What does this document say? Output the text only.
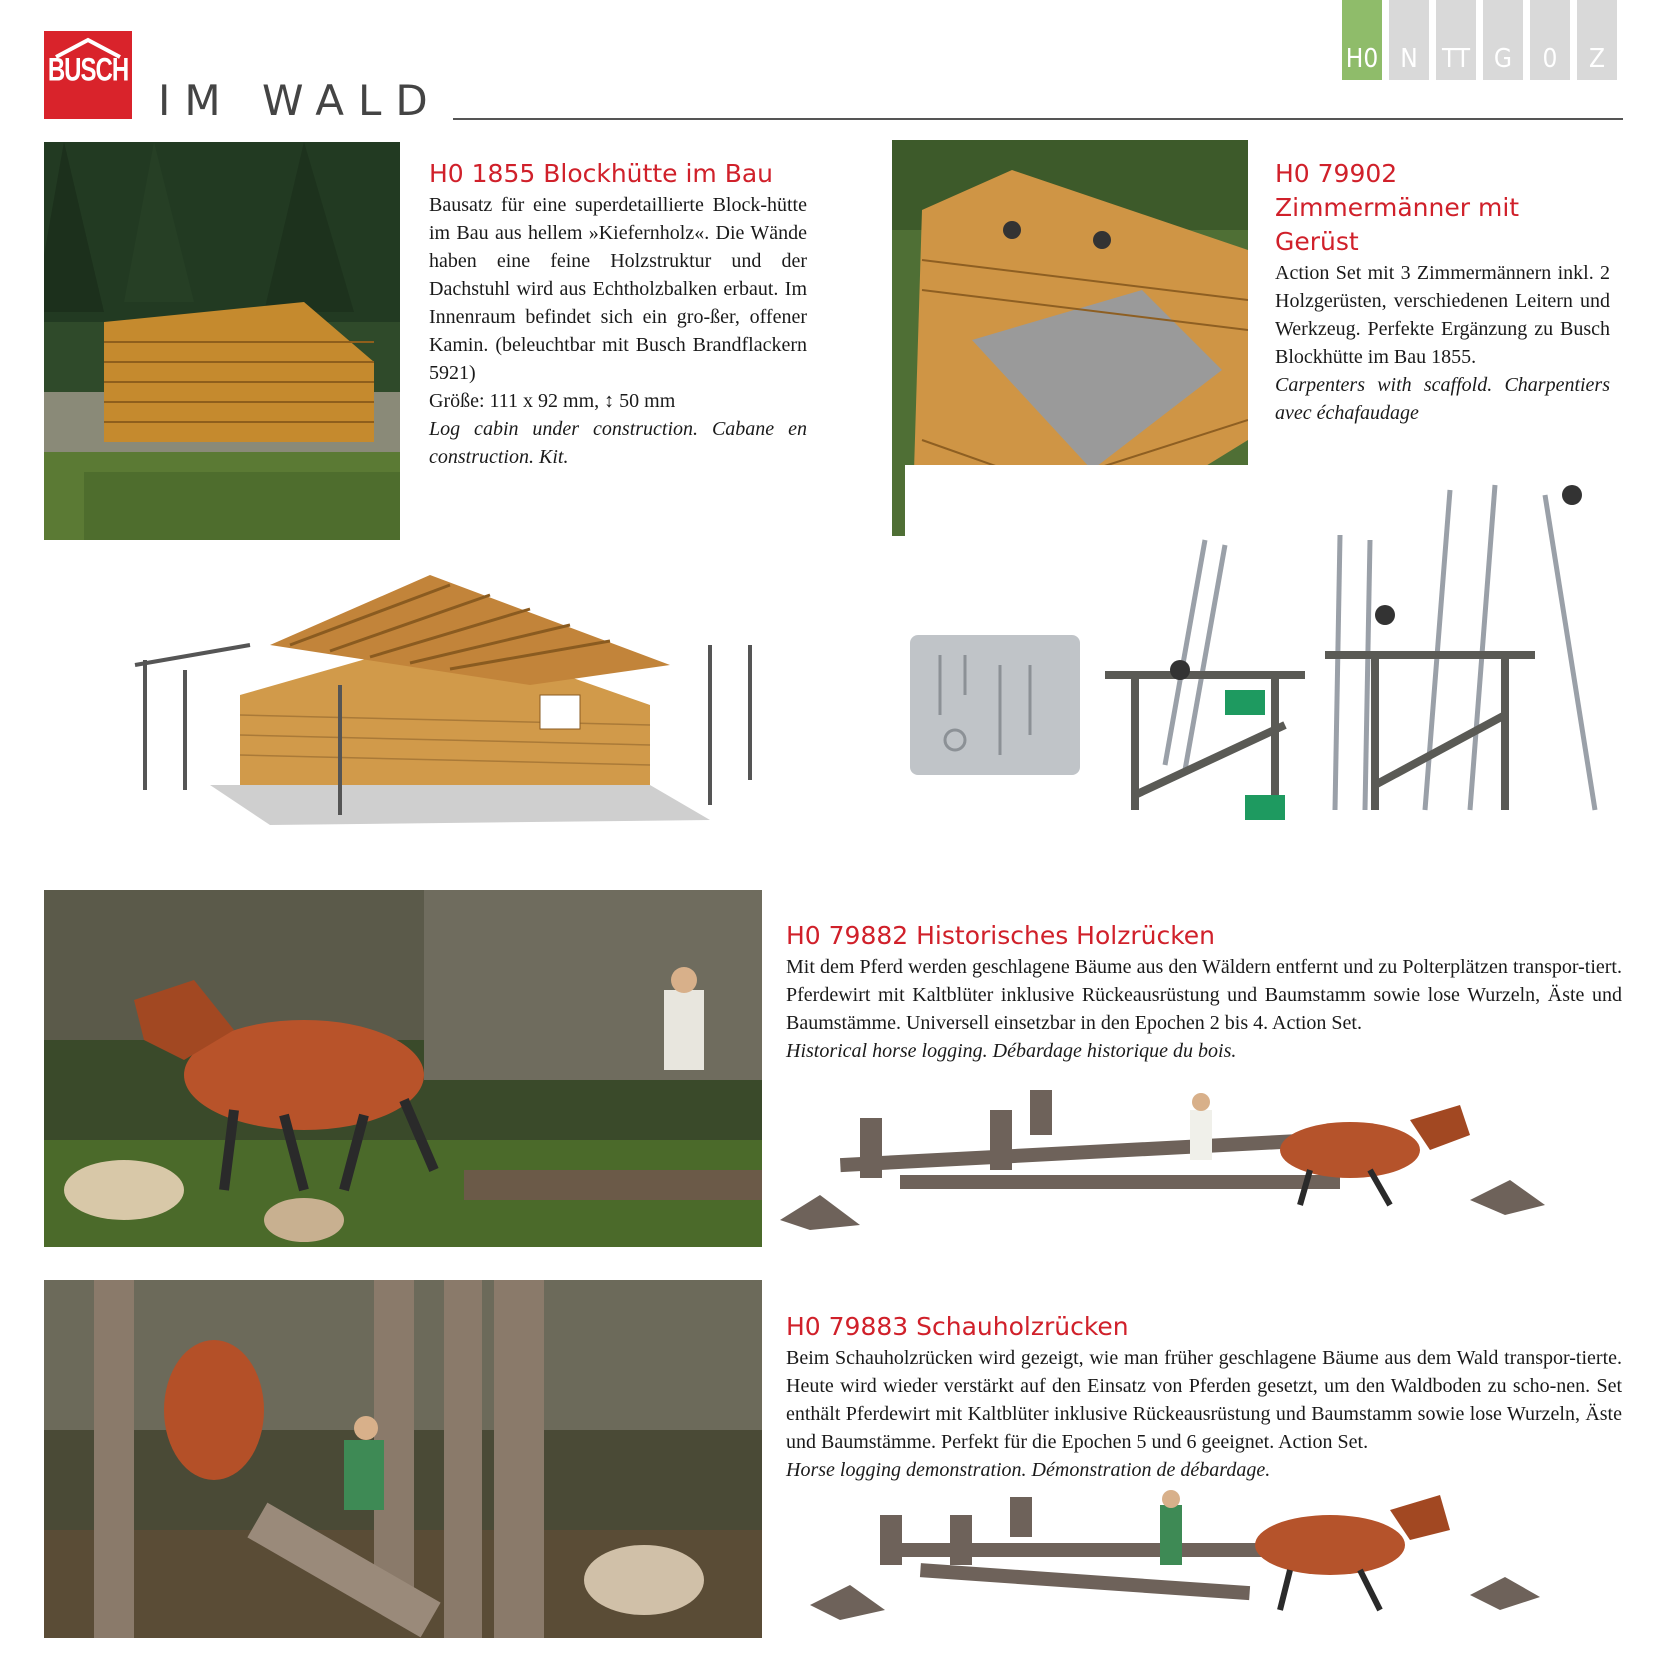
BUSCH
IM WALD
H0 N TT G	0	Z
H0 1855 Blockhütte im Bau

Bausatz für eine superdetaillierte Block-hütte im Bau aus hellem »Kiefernholz«. Die Wände haben eine feine Holzstruktur und der Dachstuhl wird aus Echtholzbalken erbaut. Im Innenraum befindet sich ein gro-ßer, offener Kamin. (beleuchtbar mit Busch Brandflackern 5921)

Größe: 111 x 92 mm, ↕ 50 mm

Log cabin under construction. Cabane en construction. Kit.

H0 79902
Zimmermänner mit Gerüst

Action Set mit 3 Zimmermännern inkl. 2 Holzgerüsten, verschiedenen Leitern und Werkzeug. Perfekte Ergänzung zu Busch Blockhütte im Bau 1855.

Carpenters with scaffold. Charpentiers avec échafaudage

H0 79882 Historisches Holzrücken

Mit dem Pferd werden geschlagene Bäume aus den Wäldern entfernt und zu Polterplätzen transpor-tiert. Pferdewirt mit Kaltblüter inklusive Rückeausrüstung und Baumstamm sowie lose Wurzeln, Äste und Baumstämme. Universell einsetzbar in den Epochen 2 bis 4. Action Set.

Historical horse logging. Débardage historique du bois.

H0 79883 Schauholzrücken

Beim Schauholzrücken wird gezeigt, wie man früher geschlagene Bäume aus dem Wald transpor-tierte. Heute wird wieder verstärkt auf den Einsatz von Pferden gesetzt, um den Waldboden zu scho-nen. Set enthält Pferdewirt mit Kaltblüter inklusive Rückeausrüstung und Baumstamm sowie lose Wurzeln, Äste und Baumstämme. Perfekt für die Epochen 5 und 6 geeignet. Action Set.

Horse logging demonstration. Démonstration de débardage.
